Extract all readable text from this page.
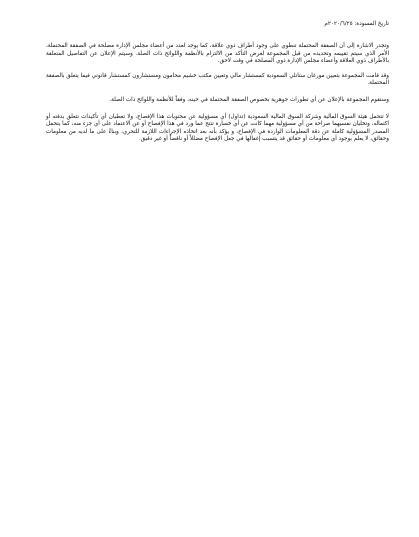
تاريخ المسودة: ٢٠٢٠/٦/٢٥م

وتجدر الاشارة إلى أن الصفقة المحتملة تنطوي على وجود أطراف ذوي علاقة، كما يوجد لعدد من أعضاء مجلس الإدارة مصلحة في الصفقة المحتملة، الأمر الذي سيتم تقييمه وتحديده من قبل المجموعة لغرض التأكد من الالتزام بالأنظمة واللوائح ذات الصلة. وسيتم الإعلان عن التفاصيل المتعلقة بالأطراف ذوي العلاقة وأعضاء مجلس الإدارة ذوي المصلحة في وقت لاحق.

وقد قامت المجموعة بتعيين مورغان ستانلي السعودية كمستشار مالي وتعيين مكتب خشيم محامون ومستشارون كمستشار قانوني فيما يتعلق بالصفقة المحتملة.

وستقوم المجموعة بالإعلان عن أي تطورات جوهرية بخصوص الصفقة المحتملة في حينه، وفقاً للأنظمة واللوائح ذات الصلة.

لا تتحمل هيئة السوق المالية وشركة السوق المالية السعودية (تداول) أي مسؤولية عن محتويات هذا الإفصاح، ولا تعطيان أي تأكيدات تتعلق بدقته أو اكتماله، وتخليان نفسيهما صراحة من أي مسؤولية مهما كانت عن أي خسارة تنتج عما ورد في هذا الإفصاح أو عن الاعتماد على أي جزء منه، كما يتحمل المصدر المسؤولية كاملة عن دقة المعلومات الواردة في الإفصاح، و يؤكد بأنه بعد اتخاذه الإجراءات اللازمة للتحري، وبناءً على ما لديه من معلومات وحقائق، لا يعلم بوجود أي معلومات أو حقائق قد يتسبب إغفالها في جعل الإفصاح مضللاً أو ناقصاً أو غير دقيق.
